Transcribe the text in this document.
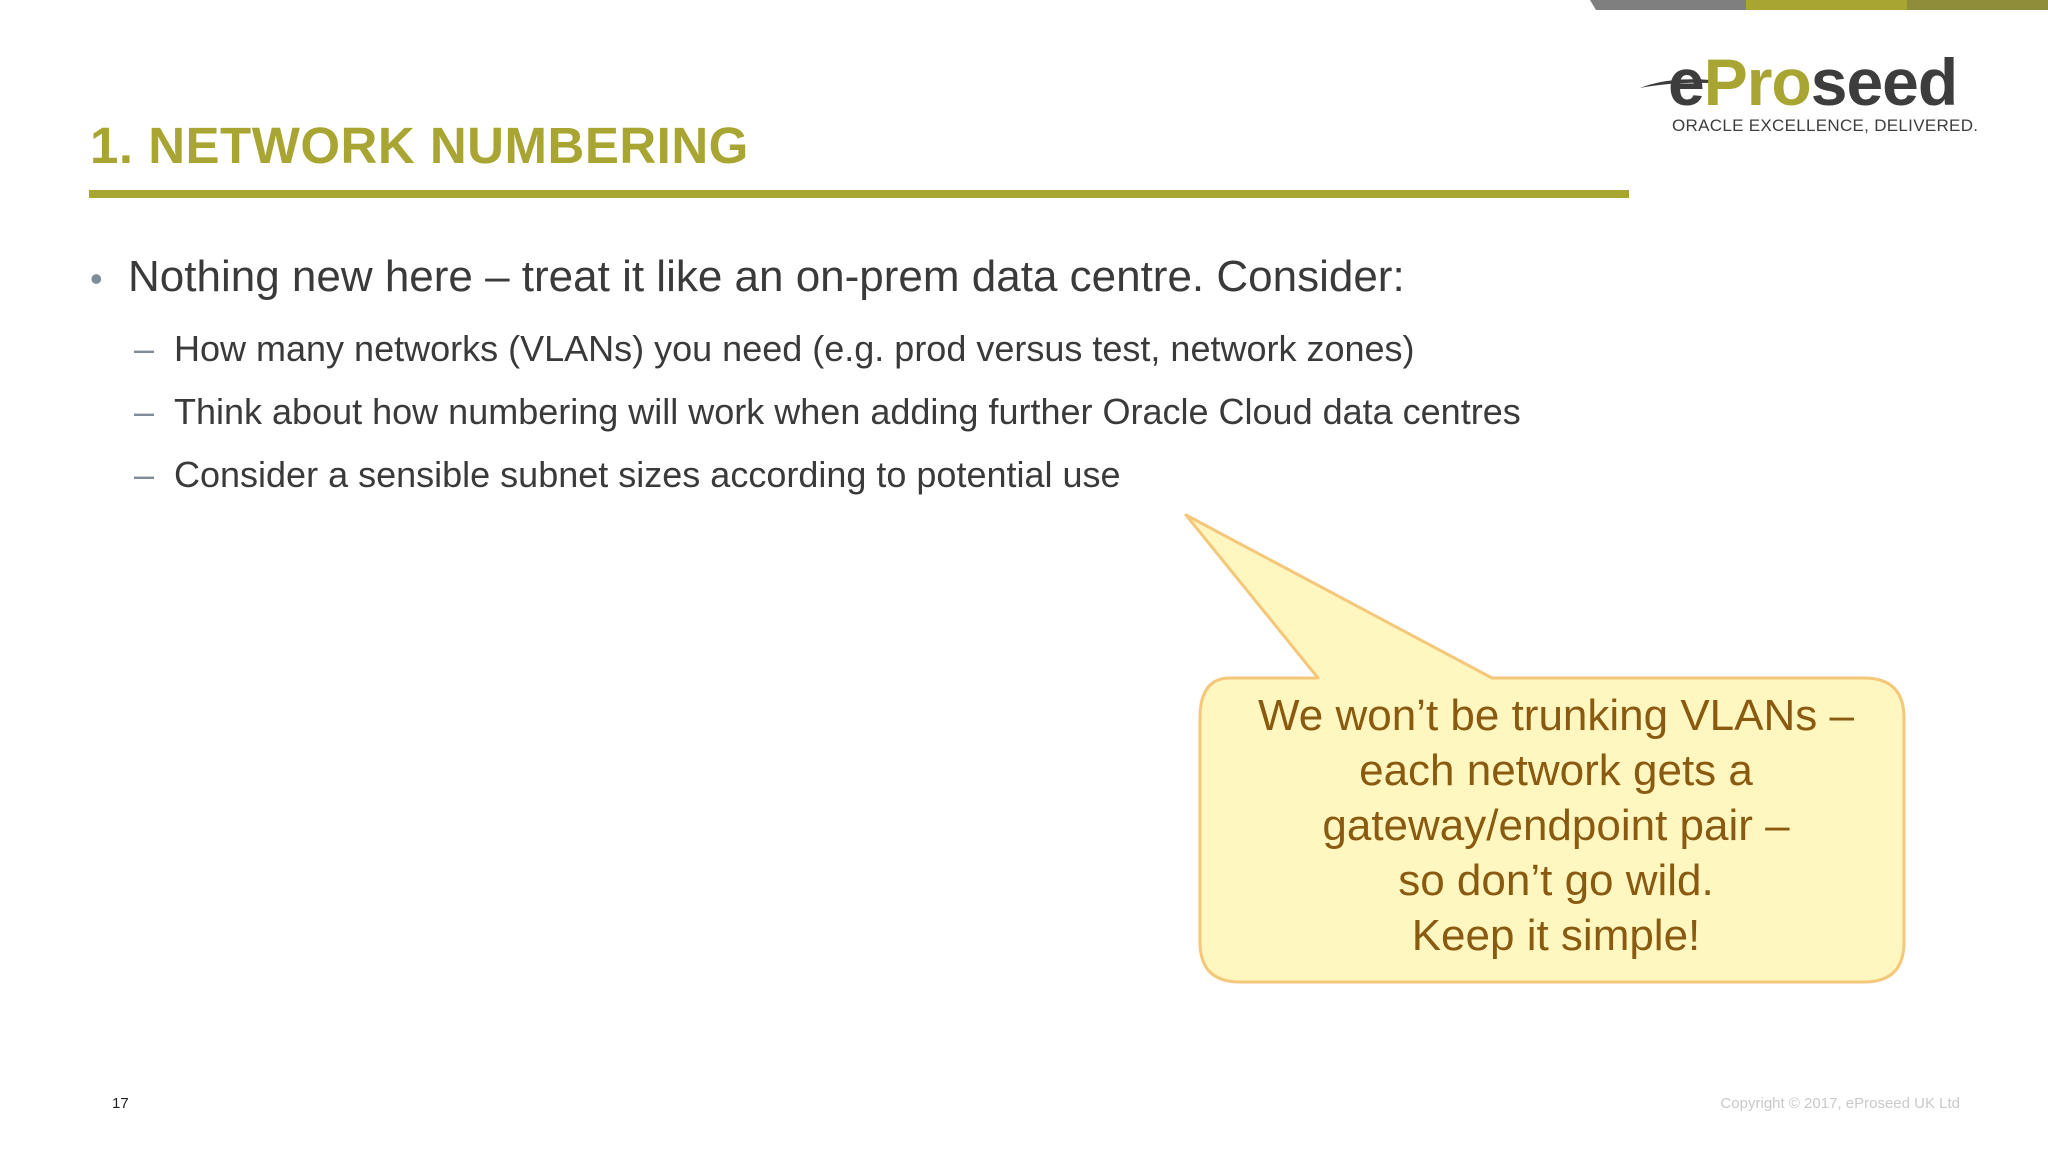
eProseed
ORACLE EXCELLENCE, DELIVERED.
1. NETWORK NUMBERING
• Nothing new here – treat it like an on-prem data centre. Consider:
– How many networks (VLANs) you need (e.g. prod versus test, network zones)
– Think about how numbering will work when adding further Oracle Cloud data centres
– Consider a sensible subnet sizes according to potential use
We won’t be trunking VLANs –
each network gets a
gateway/endpoint pair –
so don’t go wild.
Keep it simple!
17	Copyright © 2017, eProseed UK Ltd
